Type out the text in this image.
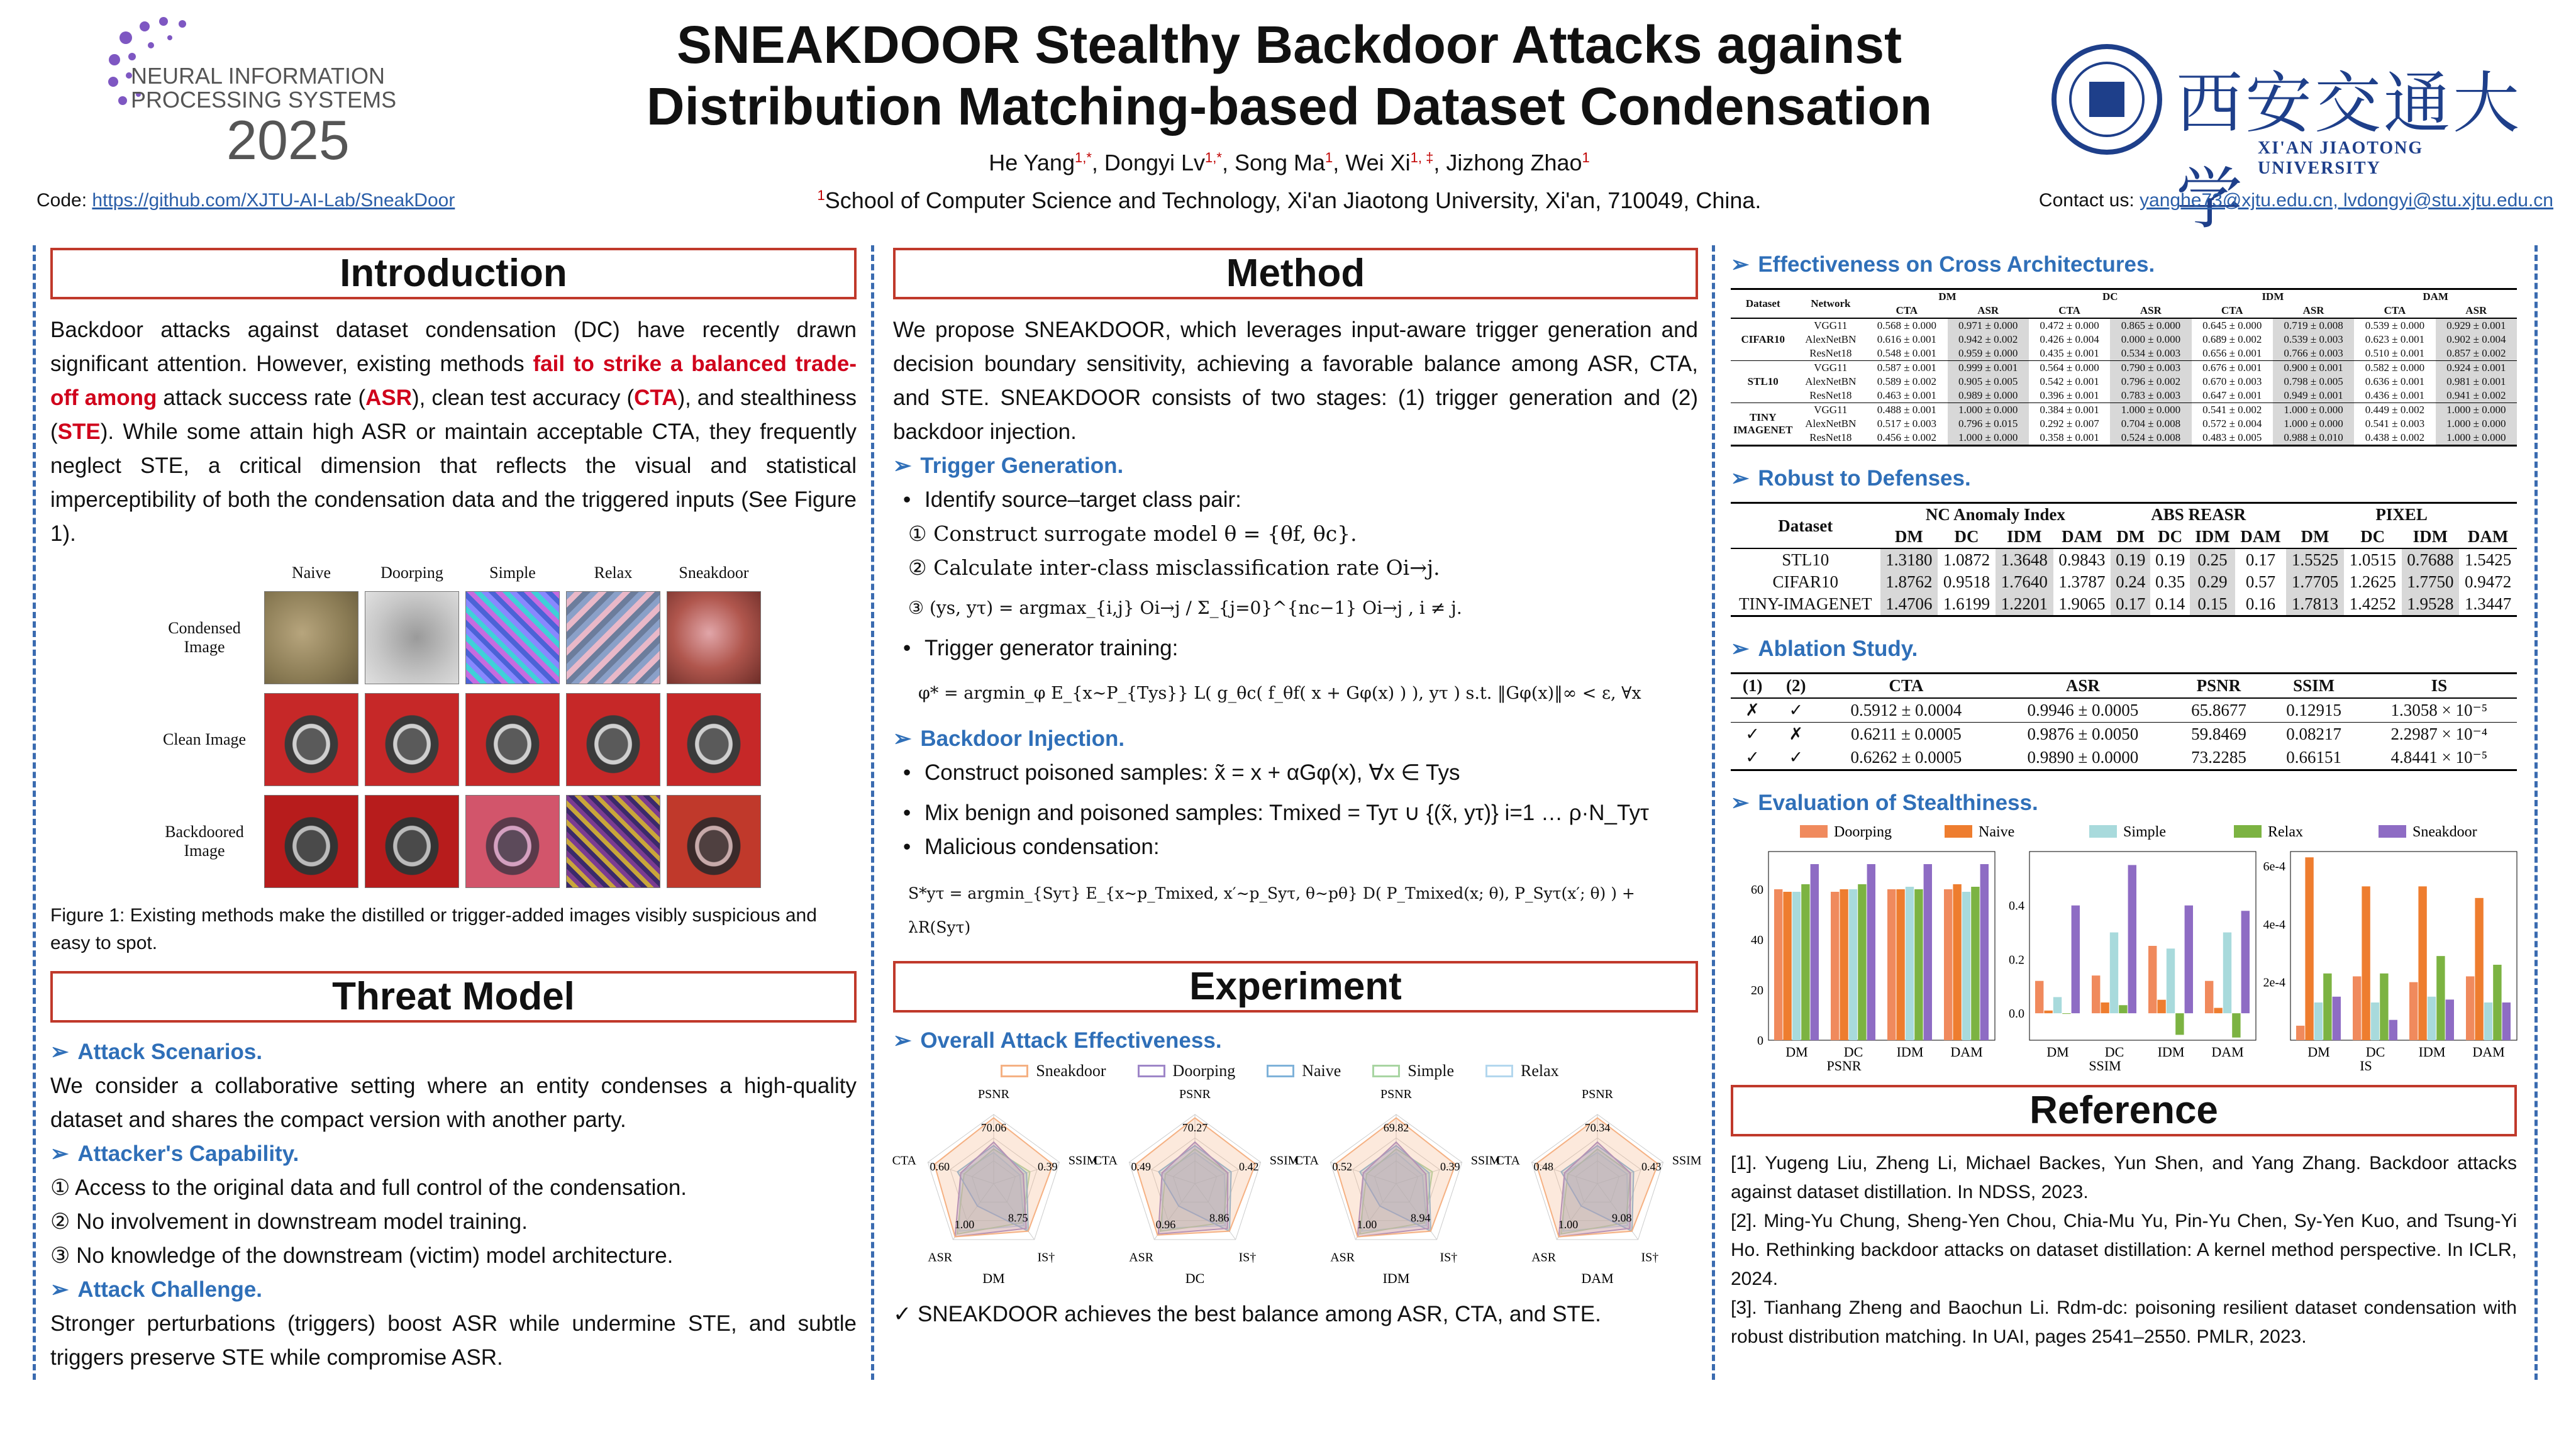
NEURAL INFORMATION
PROCESSING SYSTEMS
2025
SNEAKDOOR Stealthy Backdoor Attacks against
Distribution Matching-based Dataset Condensation
He Yang$^{1,*}$, Dongyi $Lv^{1,*}$, Song Ma$^1$, Wei $Xi^{1, \ddagger}$, Jizhong Zhao$^1$
$^1$School of Computer Science and Technology, Xi'an Jiaotong University, Xi'an, 710049, China.
Code: https://github.com/XJTU-AI-Lab/SneakDoor
西安交通大学
XI'AN JIAOTONG UNIVERSITY
Contact us: yanghe73@xjtu.edu.cn, lvdongyi@stu.xjtu.edu.cn
Introduction

Backdoor attacks against dataset condensation (DC) have recently drawn significant attention. However, existing methods fail to strike a balanced trade-off among attack success rate (ASR), clean test accuracy (CTA), and stealthiness (STE). While some attain high ASR or maintain acceptable CTA, they frequently neglect STE, a critical dimension that reflects the visual and statistical imperceptibility of both the condensation data and the triggered inputs (See Figure 1).

Naive	Doorping	Simple	Relax	Sneakdoor
Condensed Image
Clean Image
Backdoored Image

Figure 1: Existing methods make the distilled or trigger-added images visibly suspicious and easy to spot.

Threat Model
➢ Attack Scenarios.

We consider a collaborative setting where an entity condenses a high-quality dataset and shares the compact version with another party.

➢ Attacker's Capability.

① Access to the original data and full control of the condensation.

② No involvement in downstream model training.

③ No knowledge of the downstream (victim) model architecture.

➢ Attack Challenge.

Stronger perturbations (triggers) boost ASR while undermine STE, and subtle triggers preserve STE while compromise ASR.

Method

We propose SNEAKDOOR, which leverages input-aware trigger generation and decision boundary sensitivity, achieving a favorable balance among ASR, CTA, and STE. SNEAKDOOR consists of two stages: (1) trigger generation and (2) backdoor injection.

➢ Trigger Generation.
• Identify source–target class pair:
① Construct surrogate model θ = {θf, θc}.
② Calculate inter-class misclassification rate Oi→j.
③ (ys, yτ) = argmax_{i,j} Oi→j / Σ_{j=0}^{nc−1} Oi→j , i ≠ j.
• Trigger generator training:
φ* = argmin_φ E_{x∼P_{Tys}} L( g_θc( f_θf( x + Gφ(x) ) ), yτ ) s.t. ‖Gφ(x)‖∞ < ε, ∀x
➢ Backdoor Injection.
• Construct poisoned samples: x̃ = x + αGφ(x), ∀x ∈ Tys
• Mix benign and poisoned samples: Tmixed = Tyτ ∪ {(x̃, yτ)} i=1 … ρ·N_Tyτ
• Malicious condensation:
S*yτ = argmin_{Syτ} E_{x∼p_Tmixed, x′∼p_Syτ, θ∼pθ} D( P_Tmixed(x; θ), P_Syτ(x′; θ) ) + λR(Syτ)
Experiment
➢ Overall Attack Effectiveness.
Sneakdoor	Doorping	Naive	Simple	Relax
PSNR
SSIM
IS†
ASR
CTA
70.06
0.39
8.75
1.00
0.60
DM
PSNR
SSIM
IS†
ASR
CTA
70.27
0.42
8.86
0.96
0.49
DC
PSNR
SSIM
IS†
ASR
CTA
69.82
0.39
8.94
1.00
0.52
IDM
PSNR
SSIM
IS†
ASR
CTA
70.34
0.43
9.08
1.00
0.48
DAM
✓ SNEAKDOOR achieves the best balance among ASR, CTA, and STE.
➢ Effectiveness on Cross Architectures.
Dataset	Network	DM		DC		IDM		DAM	
		CTA	ASR	CTA	ASR	CTA	ASR	CTA	ASR
CIFAR10	VGG11	0.568 ± 0.000	0.971 ± 0.000	0.472 ± 0.000	0.865 ± 0.000	0.645 ± 0.000	0.719 ± 0.008	0.539 ± 0.000	0.929 ± 0.001
	AlexNetBN	0.616 ± 0.001	0.942 ± 0.002	0.426 ± 0.004	0.000 ± 0.000	0.689 ± 0.002	0.539 ± 0.003	0.623 ± 0.001	0.902 ± 0.004
	ResNet18	0.548 ± 0.001	0.959 ± 0.000	0.435 ± 0.001	0.534 ± 0.003	0.656 ± 0.001	0.766 ± 0.003	0.510 ± 0.001	0.857 ± 0.002
STL10	VGG11	0.587 ± 0.001	0.999 ± 0.001	0.564 ± 0.000	0.790 ± 0.003	0.676 ± 0.001	0.900 ± 0.001	0.582 ± 0.000	0.924 ± 0.001
	AlexNetBN	0.589 ± 0.002	0.905 ± 0.005	0.542 ± 0.001	0.796 ± 0.002	0.670 ± 0.003	0.798 ± 0.005	0.636 ± 0.001	0.981 ± 0.001
	ResNet18	0.463 ± 0.001	0.989 ± 0.000	0.396 ± 0.001	0.783 ± 0.003	0.647 ± 0.001	0.949 ± 0.001	0.436 ± 0.001	0.941 ± 0.002
TINY IMAGENET	VGG11	0.488 ± 0.001	1.000 ± 0.000	0.384 ± 0.001	1.000 ± 0.000	0.541 ± 0.002	1.000 ± 0.000	0.449 ± 0.002	1.000 ± 0.000
	AlexNetBN	0.517 ± 0.003	0.796 ± 0.015	0.292 ± 0.007	0.704 ± 0.008	0.572 ± 0.004	1.000 ± 0.000	0.541 ± 0.003	1.000 ± 0.000
	ResNet18	0.456 ± 0.002	1.000 ± 0.000	0.358 ± 0.001	0.524 ± 0.008	0.483 ± 0.005	0.988 ± 0.010	0.438 ± 0.002	1.000 ± 0.000
➢ Robust to Defenses.
Dataset	NC Anomaly Index				ABS REASR				PIXEL			
	DM	DC	IDM	DAM	DM	DC	IDM	DAM	DM	DC	IDM	DAM
STL10	1.3180	1.0872	1.3648	0.9843	0.19	0.19	0.25	0.17	1.5525	1.0515	0.7688	1.5425
CIFAR10	1.8762	0.9518	1.7640	1.3787	0.24	0.35	0.29	0.57	1.7705	1.2625	1.7750	0.9472
TINY-IMAGENET	1.4706	1.6199	1.2201	1.9065	0.17	0.14	0.15	0.16	1.7813	1.4252	1.9528	1.3447
➢ Ablation Study.
(1)	(2)	CTA	ASR	PSNR	SSIM	IS
✗	✓	0.5912 ± 0.0004	0.9946 ± 0.0005	65.8677	0.12915	1.3058 × 10⁻⁵
✓	✗	0.6211 ± 0.0005	0.9876 ± 0.0050	59.8469	0.08217	2.2987 × 10⁻⁴
✓	✓	0.6262 ± 0.0005	0.9890 ± 0.0000	73.2285	0.66151	4.8441 × 10⁻⁵
➢ Evaluation of Stealthiness.
Doorping	Naive	Simple	Relax	Sneakdoor
0
20
40
60
DM	DC IDM DAM
PSNR
0.0
0.2
0.4
DM	DC IDM DAM
SSIM
2e-4
4e-4
6e-4
DM	DC IDM DAM
IS
Reference

[1]. Yugeng Liu, Zheng Li, Michael Backes, Yun Shen, and Yang Zhang. Backdoor attacks against dataset distillation. In NDSS, 2023.

[2]. Ming-Yu Chung, Sheng-Yen Chou, Chia-Mu Yu, Pin-Yu Chen, Sy-Yen Kuo, and Tsung-Yi Ho. Rethinking backdoor attacks on dataset distillation: A kernel method perspective. In ICLR, 2024.

[3]. Tianhang Zheng and Baochun Li. Rdm-dc: poisoning resilient dataset condensation with robust distribution matching. In UAI, pages 2541–2550. PMLR, 2023.
